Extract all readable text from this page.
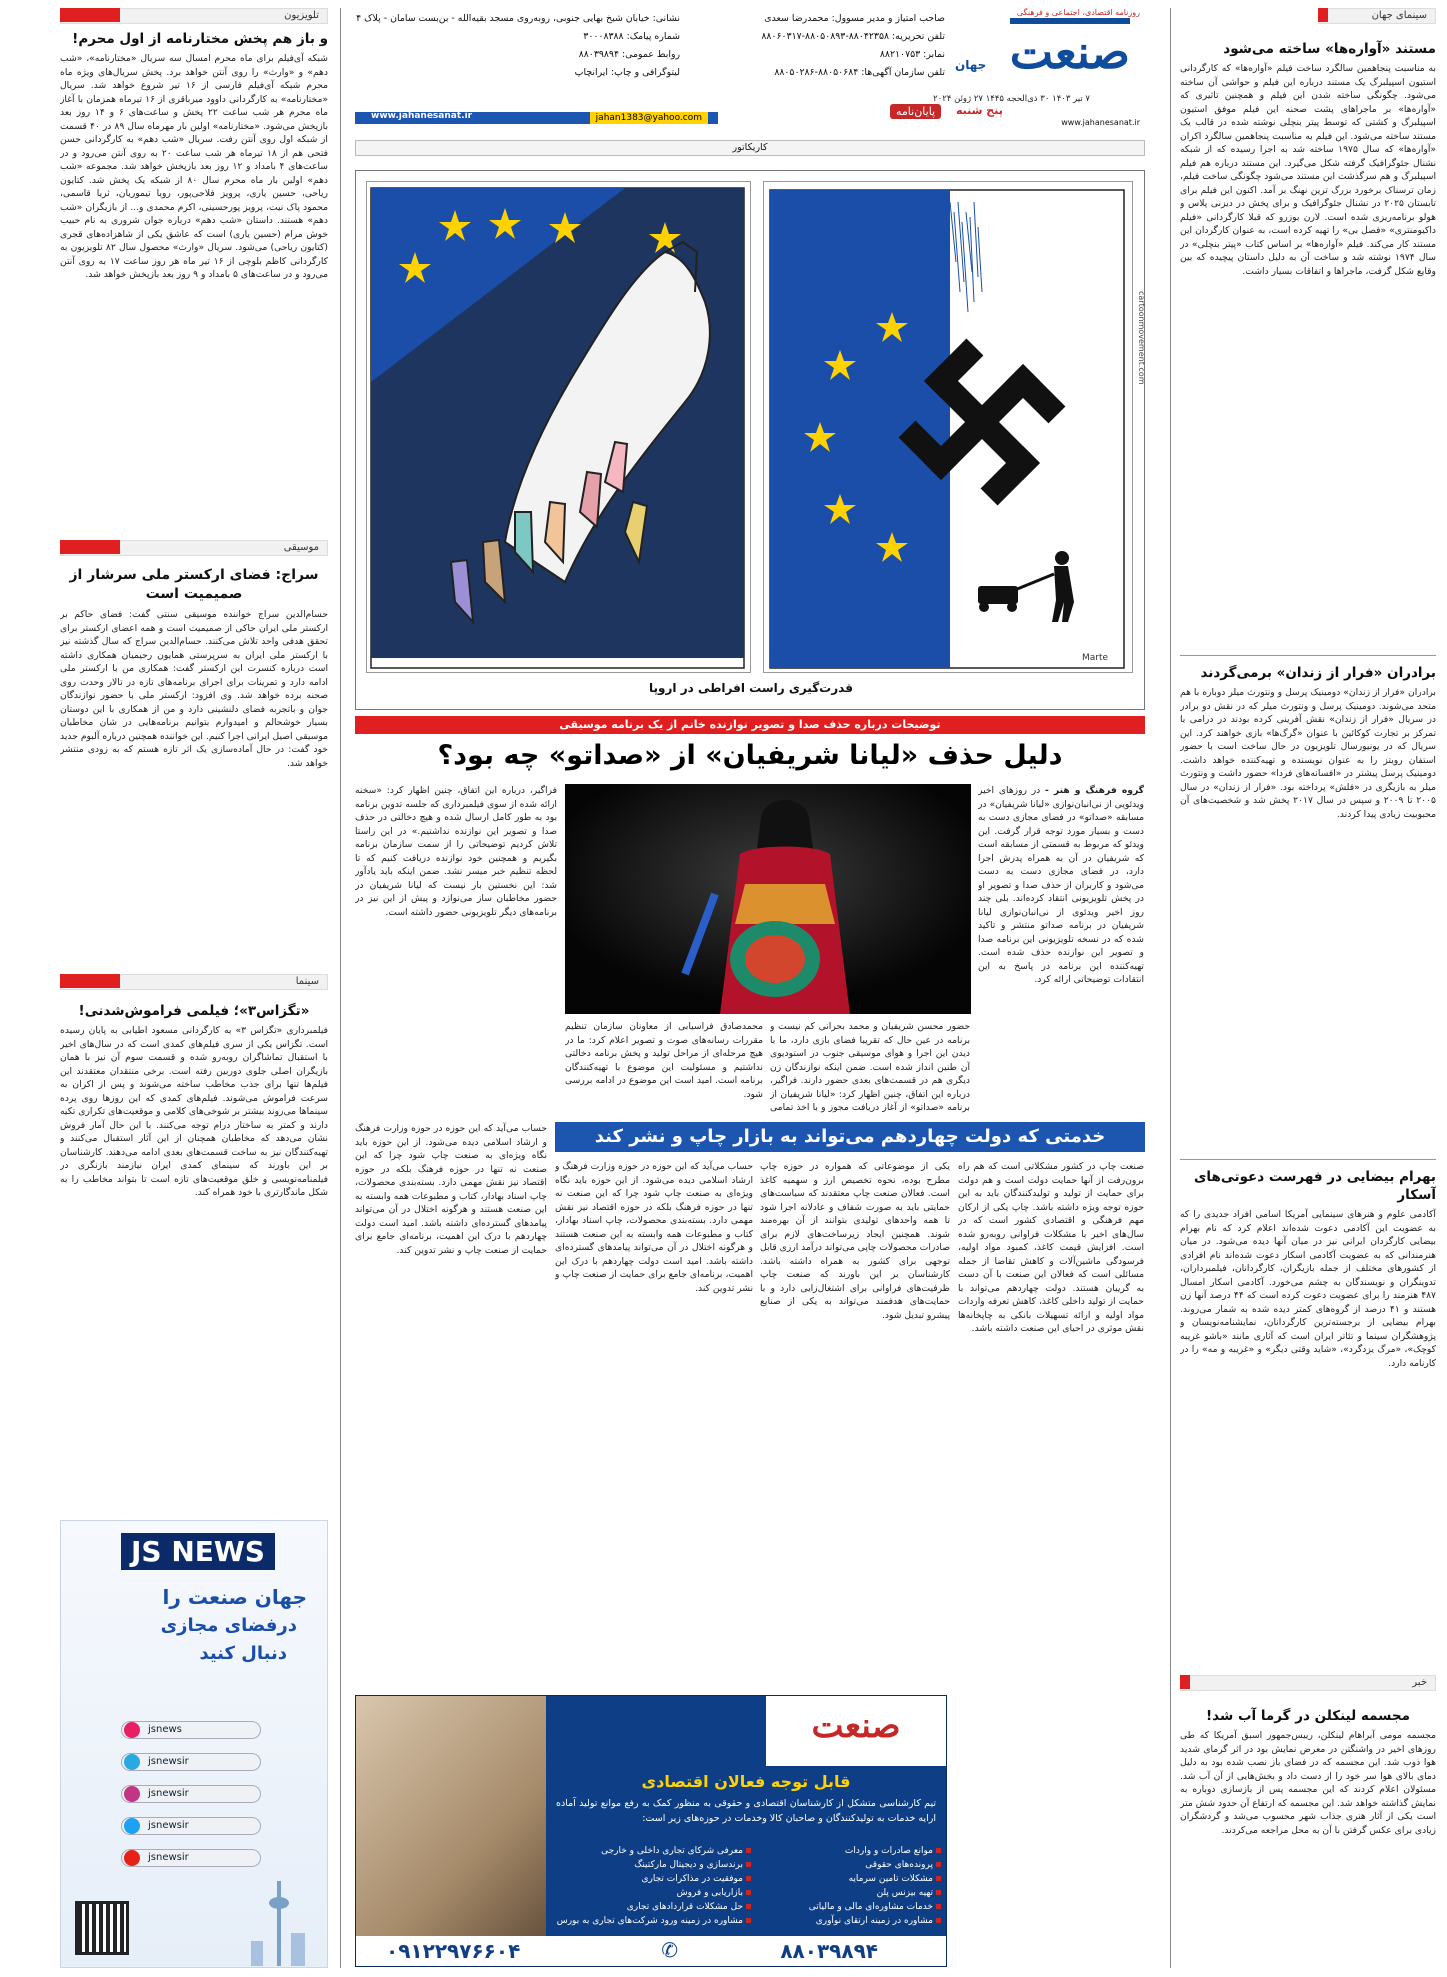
روزنامه اقتصادی، اجتماعی و فرهنگی
صنعت
جهان
۷ تیر ۱۴۰۳ ۳۰ ذی‌الحجه ۱۴۴۵ ۲۷ ژوئن ۲۰۲۴
پنج شنبه
www.jahanesanat.ir
پایان‌نامه
صاحب امتیاز و مدیر مسوول: محمدرضا سعدی
تلفن تحریریه: ۸۸۰۴۲۳۵۸-۸۸۰۵۰۸۹۳-۸۸۰۶۰۳۱۷
نمابر: ۸۸۲۱۰۷۵۳
تلفن سازمان آگهی‌ها: ۸۸۰۵۰۶۸۴-۸۸۰۵۰۲۸۶
نشانی: خیابان شیخ بهایی جنوبی، روبه‌روی مسجد بقیه‌الله - بن‌بست سامان - پلاک ۴
شماره پیامک: ۳۰۰۰۸۳۸۸
روابط عمومی: ۸۸۰۳۹۸۹۴
لیتوگرافی و چاپ: ایرانچاپ
www.jahanesanat.ir	jahan1383@yahoo.com
سینمای جهان
مستند «آواره‌ها» ساخته می‌شود

به مناسبت پنجاهمین سالگرد ساخت فیلم «آواره‌ها» که کارگردانی استیون اسپیلبرگ یک مستند درباره این فیلم و حواشی آن ساخته می‌شود. چگونگی ساخته شدن این فیلم و همچنین تاثیری که «آواره‌ها» بر ماجراهای پشت صحنه این فیلم موفق استیون اسپیلبرگ و کشتی که توسط پیتر بنچلی نوشته شده در قالب یک مستند ساخته می‌شود. این فیلم به مناسبت پنجاهمین سالگرد اکران «آواره‌ها» که سال ۱۹۷۵ ساخته شد به اجرا رسیده که از شبکه نشنال جئوگرافیک گرفته شکل می‌گیرد. این مستند درباره هم فیلم اسپیلبرگ و هم سرگذشت این مستند می‌شود چگونگی ساخت فیلم، زمان ترسناک برخورد بزرگ ترین نهنگ بر آمد. اکنون این فیلم برای تابستان ۲۰۲۵ در نشنال جئوگرافیک و برای پخش در دیزنی پلاس و هولو برنامه‌ریزی شده است. لارن بوزرو که قبلا کارگردانی «فیلم داکیومنتری» «فصل بی» را تهیه کرده است، به عنوان کارگردان این مستند کار می‌کند. فیلم «آواره‌ها» بر اساس کتاب «پیتر بنچلی» در سال ۱۹۷۴ نوشته شد و ساخت آن به دلیل داستان پیچیده که بین وقایع شکل گرفت، ماجراها و اتفاقات بسیار داشت.

برادران «فرار از زندان» برمی‌گردند

برادران «فرار از زندان» دومینیک پرسل و ونتورث میلر دوباره با هم متحد می‌شوند. دومینیک پرسل و ونتورث میلر که در نقش دو برادر در سریال «فرار از زندان» نقش آفرینی کرده بودند در درامی با تمرکز بر تجارت کوکائین با عنوان «گرگ‌ها» بازی خواهند کرد. این سریال که در یونیورسال تلویزیون در حال ساخت است با حضور استفان رویتز را به عنوان نویسنده و تهیه‌کننده خواهد داشت. دومینیک پرسل پیشتر در «افسانه‌های فردا» حضور داشت و ونتورث میلر به بازیگری در «فلش» پرداخته بود. «فرار از زندان» در سال ۲۰۰۵ تا ۲۰۰۹ و سپس در سال ۲۰۱۷ پخش شد و شخصیت‌های آن محبوبیت زیادی پیدا کردند.

بهرام بیضایی در فهرست دعوتی‌های آسکار

آکادمی علوم و هنرهای سینمایی آمریکا اسامی افراد جدیدی را که به عضویت این آکادمی دعوت شده‌اند اعلام کرد که نام بهرام بیضایی کارگردان ایرانی نیز در میان آنها دیده می‌شود. در میان هنرمندانی که به عضویت آکادمی اسکار دعوت شده‌اند نام افرادی از کشورهای مختلف از جمله بازیگران، کارگردانان، فیلمبرداران، تدوینگران و نویسندگان به چشم می‌خورد. آکادمی اسکار امسال ۴۸۷ هنرمند را برای عضویت دعوت کرده است که ۴۴ درصد آنها زن هستند و ۴۱ درصد از گروه‌های کمتر دیده شده به شمار می‌روند. بهرام بیضایی از برجسته‌ترین کارگردانان، نمایشنامه‌نویسان و پژوهشگران سینما و تئاتر ایران است که آثاری مانند «باشو غریبه کوچک»، «مرگ یزدگرد»، «شاید وقتی دیگر» و «غریبه و مه» را در کارنامه دارد.

مجسمه لینکلن در گرما آب شد!

مجسمه مومی آبراهام لینکلن، رییس‌جمهور اسبق آمریکا که طی روزهای اخیر در واشنگتن در معرض نمایش بود در اثر گرمای شدید هوا ذوب شد. این مجسمه که در فضای باز نصب شده بود به دلیل دمای بالای هوا سر خود را از دست داد و بخش‌هایی از آن آب شد. مسئولان اعلام کردند که این مجسمه پس از بازسازی دوباره به نمایش گذاشته خواهد شد. این مجسمه که ارتفاع آن حدود شش متر است یکی از آثار هنری جذاب شهر محسوب می‌شد و گردشگران زیادی برای عکس گرفتن با آن به محل مراجعه می‌کردند.

خبر
تلویزیون
و باز هم پخش مختارنامه از اول محرم!

شبکه آی‌فیلم برای ماه محرم امسال سه سریال «مختارنامه»، «شب دهم» و «وارث» را روی آنتن خواهد برد. پخش سریال‌های ویژه ماه محرم شبکه آی‌فیلم فارسی از ۱۶ تیر شروع خواهد شد. سریال «مختارنامه» به کارگردانی داوود میرباقری از ۱۶ تیرماه همزمان با آغاز ماه محرم هر شب ساعت ۲۲ پخش و ساعت‌های ۶ و ۱۴ روز بعد بازپخش می‌شود. «مختارنامه» اولین بار مهرماه سال ۸۹ در ۴۰ قسمت از شبکه اول روی آنتن رفت. سریال «شب دهم» به کارگردانی حسن فتحی هم از ۱۸ تیرماه هر شب ساعت ۲۰ به روی آنتن می‌رود و در ساعت‌های ۴ بامداد و ۱۲ روز بعد بازپخش خواهد شد. مجموعه «شب دهم» اولین بار ماه محرم سال ۸۰ از شبکه یک پخش شد. کتایون ریاحی، حسین یاری، پرویز فلاحی‌پور، رویا تیموریان، ثریا قاسمی، محمود پاک نیت، پرویز پورحسینی، اکرم محمدی و... از بازیگران «شب دهم» هستند. داستان «شب دهم» درباره جوان شروری به نام حبیب خوش مرام (حسین یاری) است که عاشق یکی از شاهزاده‌های قجری (کتایون ریاحی) می‌شود. سریال «وارث» محصول سال ۸۲ تلویزیون به کارگردانی کاظم بلوچی از ۱۶ تیر ماه هر روز ساعت ۱۷ به روی آنتن می‌رود و در ساعت‌های ۵ بامداد و ۹ روز بعد بازپخش خواهد شد.

موسیقی
سراج: فضای ارکستر ملی سرشار از صمیمیت است

حسام‌الدین سراج خواننده موسیقی سنتی گفت: فضای حاکم بر ارکستر ملی ایران حاکی از صمیمیت است و همه اعضای ارکستر برای تحقق هدفی واحد تلاش می‌کنند. حسام‌الدین سراج که سال گذشته نیز با ارکستر ملی ایران به سرپرستی همایون رحیمیان همکاری داشته است درباره کنسرت این ارکستر گفت: همکاری من با ارکستر ملی ادامه دارد و تمرینات برای اجرای برنامه‌های تازه در تالار وحدت روی صحنه برده خواهد شد. وی افزود: ارکستر ملی با حضور نوازندگان جوان و باتجربه فضای دلنشینی دارد و من از همکاری با این دوستان بسیار خوشحالم و امیدوارم بتوانیم برنامه‌هایی در شان مخاطبان موسیقی اصیل ایرانی اجرا کنیم. این خواننده همچنین درباره آلبوم جدید خود گفت: در حال آماده‌سازی یک اثر تازه هستم که به زودی منتشر خواهد شد.

سینما
«تگزاس۳»؛ فیلمی فراموش‌شدنی!

فیلمبرداری «تگزاس ۳» به کارگردانی مسعود اطیابی به پایان رسیده است. تگزاس یکی از سری فیلم‌های کمدی است که در سال‌های اخیر با استقبال تماشاگران روبه‌رو شده و قسمت سوم آن نیز با همان بازیگران اصلی جلوی دوربین رفته است. برخی منتقدان معتقدند این فیلم‌ها تنها برای جذب مخاطب ساخته می‌شوند و پس از اکران به سرعت فراموش می‌شوند. فیلم‌های کمدی که این روزها روی پرده سینماها می‌روند بیشتر بر شوخی‌های کلامی و موقعیت‌های تکراری تکیه دارند و کمتر به ساختار درام توجه می‌کنند. با این حال آمار فروش نشان می‌دهد که مخاطبان همچنان از این آثار استقبال می‌کنند و تهیه‌کنندگان نیز به ساخت قسمت‌های بعدی ادامه می‌دهند. کارشناسان بر این باورند که سینمای کمدی ایران نیازمند بازنگری در فیلمنامه‌نویسی و خلق موقعیت‌های تازه است تا بتواند مخاطب را به شکل ماندگارتری با خود همراه کند.

JS NEWS
جهان صنعت را
درفضای مجازی
دنبال کنید
jsnews
jsnewsir
jsnewsir
jsnewsir
jsnewsir
کاریکاتور
Marte
cartoonmovement.com
قدرت‌گیری راست افراطی در اروپا
توضیحات درباره حذف صدا و تصویر نوازنده خانم از یک برنامه موسیقی
دلیل حذف «لیانا شریفیان» از «صداتو» چه بود؟

گروه فرهنگ و هنر - در روزهای اخیر ویدئویی از نی‌انبان‌نوازی «لیانا شریفیان» در مسابقه «صداتو» در فضای مجازی دست به دست و بسیار مورد توجه قرار گرفت. این ویدئو که مربوط به قسمتی از مسابقه است که شریفیان در آن به همراه پدرش اجرا دارد، در فضای مجازی دست به دست می‌شود و کاربران از حذف صدا و تصویر او در پخش تلویزیونی انتقاد کرده‌اند. بلی چند روز اخیر ویدئوی از نی‌انبان‌نوازی لیانا شریفیان در برنامه صداتو منتشر و تاکید شده که در نسخه تلویزیونی این برنامه صدا و تصویر این نوازنده حذف شده است. تهیه‌کننده این برنامه در پاسخ به این انتقادات توضیحاتی ارائه کرد.

حضور محسن شریفیان و محمد بحرانی کم نیست و برنامه در عین حال که تقریبا فضای بازی دارد، ما با دیدن این اجرا و هوای موسیقی جنوب در استودیوی آن طنین انداز شده است. ضمن اینکه نوازندگان زن دیگری هم در قسمت‌های بعدی حضور دارند. فراگیر، درباره این اتفاق، چنین اظهار کرد: «لیانا شریفیان از برنامه «صداتو» از آغاز دریافت مجوز و با اخذ تمامی

محمدصادق فراسیابی از معاونان سازمان تنظیم مقررات رسانه‌های صوت و تصویر اعلام کرد: ما در هیچ مرحله‌ای از مراحل تولید و پخش برنامه دخالتی نداشتیم و مسئولیت این موضوع با تهیه‌کنندگان برنامه است. امید است این موضوع در ادامه بررسی شود.

فراگیر، درباره این اتفاق، چنین اظهار کرد: «سخنه ارائه شده از سوی فیلمبرداری که جلسه تدوین برنامه بود به طور کامل ارسال شده و هیچ دخالتی در حذف صدا و تصویر این نوازنده نداشتیم.» در این راستا تلاش کردیم توضیحاتی را از سمت سازمان برنامه بگیریم و همچنین خود نوازنده دریافت کنیم که تا لحظه تنظیم خبر میسر نشد. ضمن اینکه باید یادآور شد: این نخستین بار نیست که لیانا شریفیان در حضور مخاطبان ساز می‌نوازد و پیش از این نیز در برنامه‌های دیگر تلویزیونی حضور داشته است.

خدمتی که دولت چهاردهم می‌تواند به بازار چاپ و نشر کند

صنعت چاپ در کشور مشکلاتی است که هم راه برون‌رفت از آنها حمایت دولت است و هم دولت برای حمایت از تولید و تولیدکنندگان باید به این حوزه توجه ویژه داشته باشد. چاپ یکی از ارکان مهم فرهنگی و اقتصادی کشور است که در سال‌های اخیر با مشکلات فراوانی روبه‌رو شده است. افزایش قیمت کاغذ، کمبود مواد اولیه، فرسودگی ماشین‌آلات و کاهش تقاضا از جمله مسائلی است که فعالان این صنعت با آن دست به گریبان هستند. دولت چهاردهم می‌تواند با حمایت از تولید داخلی کاغذ، کاهش تعرفه واردات مواد اولیه و ارائه تسهیلات بانکی به چاپخانه‌ها نقش موثری در احیای این صنعت داشته باشد.

یکی از موضوعاتی که همواره در حوزه چاپ مطرح بوده، نحوه تخصیص ارز و سهمیه کاغذ است. فعالان صنعت چاپ معتقدند که سیاست‌های حمایتی باید به صورت شفاف و عادلانه اجرا شود تا همه واحدهای تولیدی بتوانند از آن بهره‌مند شوند. همچنین ایجاد زیرساخت‌های لازم برای صادرات محصولات چاپی می‌تواند درآمد ارزی قابل توجهی برای کشور به همراه داشته باشد. کارشناسان بر این باورند که صنعت چاپ ظرفیت‌های فراوانی برای اشتغال‌زایی دارد و با حمایت‌های هدفمند می‌تواند به یکی از صنایع پیشرو تبدیل شود.

حساب می‌آید که این حوزه در حوزه وزارت فرهنگ و ارشاد اسلامی دیده می‌شود. از این حوزه باید نگاه ویژه‌ای به صنعت چاپ شود چرا که این صنعت نه تنها در حوزه فرهنگ بلکه در حوزه اقتصاد نیز نقش مهمی دارد. بسته‌بندی محصولات، چاپ اسناد بهادار، کتاب و مطبوعات همه وابسته به این صنعت هستند و هرگونه اختلال در آن می‌تواند پیامدهای گسترده‌ای داشته باشد. امید است دولت چهاردهم با درک این اهمیت، برنامه‌ای جامع برای حمایت از صنعت چاپ و نشر تدوین کند.

حساب می‌آید که این حوزه در حوزه وزارت فرهنگ و ارشاد اسلامی دیده می‌شود. از این حوزه باید نگاه ویژه‌ای به صنعت چاپ شود چرا که این صنعت نه تنها در حوزه فرهنگ بلکه در حوزه اقتصاد نیز نقش مهمی دارد. بسته‌بندی محصولات، چاپ اسناد بهادار، کتاب و مطبوعات همه وابسته به این صنعت هستند و هرگونه اختلال در آن می‌تواند پیامدهای گسترده‌ای داشته باشد. امید است دولت چهاردهم با درک این اهمیت، برنامه‌ای جامع برای حمایت از صنعت چاپ و نشر تدوین کند.

صنعت
قابل توجه فعالان اقتصادی
تیم کارشناسی متشکل از کارشناسان اقتصادی و حقوقی به منظور کمک به رفع موانع تولید آماده ارایه خدمات به تولیدکنندگان و صاحبان کالا وخدمات در حوزه‌های زیر است:
موانع صادرات و واردات
معرفی شرکای تجاری داخلی و خارجی
پرونده‌های حقوقی
برندسازی و دیجیتال مارکتینگ
مشکلات تامین سرمایه
موفقیت در مذاکرات تجاری
تهیه بیزنس پلن
بازاریابی و فروش
خدمات مشاوره‌ای مالی و مالیاتی
حل مشکلات قراردادهای تجاری
مشاوره در زمینه ارتقای نوآوری
مشاوره در زمینه ورود شرکت‌های تجاری به بورس
۸۸۰۳۹۸۹۴
✆
۰۹۱۲۲۹۷۶۶۰۴
